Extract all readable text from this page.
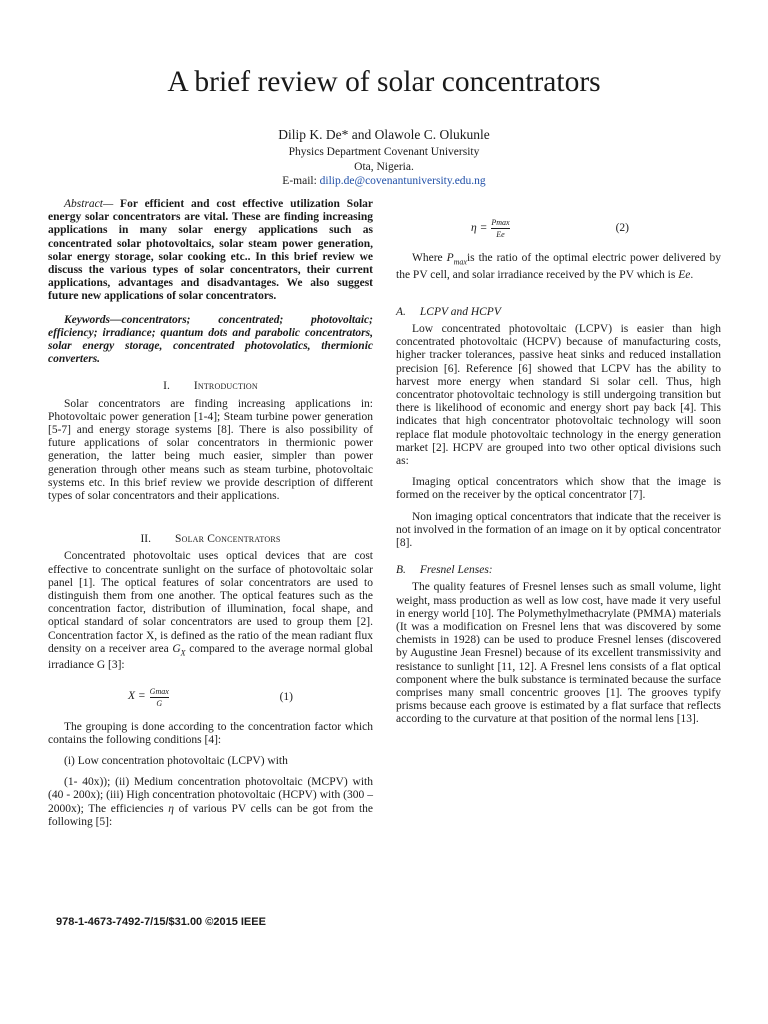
A brief review of solar concentrators
Dilip K. De* and Olawole C. Olukunle
Physics Department Covenant University
Ota, Nigeria.
E-mail: dilip.de@covenantuniversity.edu.ng

Abstract— For efficient and cost effective utilization Solar energy solar concentrators are vital. These are finding increasing applications in many solar energy applications such as concentrated solar photovoltaics, solar steam power generation, solar energy storage, solar cooking etc.. In this brief review we discuss the various types of solar concentrators, their current applications, advantages and disadvantages. We also suggest future new applications of solar concentrators.

Keywords—concentrators; concentrated; photovoltaic; efficiency; irradiance; quantum dots and parabolic concentrators, solar energy storage, concentrated photovolatics, thermionic converters.

I. Introduction

Solar concentrators are finding increasing applications in: Photovoltaic power generation [1-4]; Steam turbine power generation [5-7] and energy storage systems [8]. There is also possibility of future applications of solar concentrators in thermionic power generation, the latter being much easier, simpler than power generation through other means such as steam turbine, photovoltaic systems etc. In this brief review we provide description of different types of solar concentrators and their applications.

II. Solar Concentrators

Concentrated photovoltaic uses optical devices that are cost effective to concentrate sunlight on the surface of photovoltaic solar panel [1]. The optical features of solar concentrators are used to distinguish them from one another. The optical features such as the concentration factor, distribution of illumination, focal shape, and optical standard of solar concentrators are used to group them [2]. Concentration factor X, is defined as the ratio of the mean radiant flux density on a receiver area $G_X$ compared to the average normal global irradiance G [3]:

$X = \frac{Gmax}{G}$	(1)

The grouping is done according to the concentration factor which contains the following conditions [4]:

(i) Low concentration photovoltaic (LCPV) with

(1- 40x)); (ii) Medium concentration photovoltaic (MCPV) with (40 - 200x); (iii) High concentration photovoltaic (HCPV) with (300 – 2000x); The efficiencies η of various PV cells can be got from the following [5]:

$\eta = \frac{Pmax}{Ee}$	(2)

Where $P_{max}is$ the ratio of the optimal electric power delivered by the PV cell, and solar irradiance received by the PV which is Ee.

A. LCPV and HCPV

Low concentrated photovoltaic (LCPV) is easier than high concentrated photovoltaic (HCPV) because of manufacturing costs, higher tracker tolerances, passive heat sinks and reduced installation precision [6]. Reference [6] showed that LCPV has the ability to harvest more energy when standard Si solar cell. Thus, high concentrator photovoltaic technology is still undergoing transition but there is likelihood of economic and energy short pay back [4]. This indicates that high concentrator photovoltaic technology will soon replace flat module photovoltaic technology in the energy generation market [2]. HCPV are grouped into two other optical divisions such as:

Imaging optical concentrators which show that the image is formed on the receiver by the optical concentrator [7].

Non imaging optical concentrators that indicate that the receiver is not involved in the formation of an image on it by optical concentrator [8].

B. Fresnel Lenses:

The quality features of Fresnel lenses such as small volume, light weight, mass production as well as low cost, have made it very useful in energy world [10]. The Polymethylmethacrylate (PMMA) materials (It was a modification on Fresnel lens that was discovered by some chemists in 1928) can be used to produce Fresnel lenses (discovered by Augustine Jean Fresnel) because of its excellent transmissivity and resistance to sunlight [11, 12]. A Fresnel lens consists of a flat optical component where the bulk substance is terminated because the surface comprises many small concentric grooves [1]. The grooves typify prisms because each groove is estimated by a flat surface that reflects according to the curvature at that position of the normal lens [13].

978-1-4673-7492-7/15/$31.00 ©2015 IEEE
